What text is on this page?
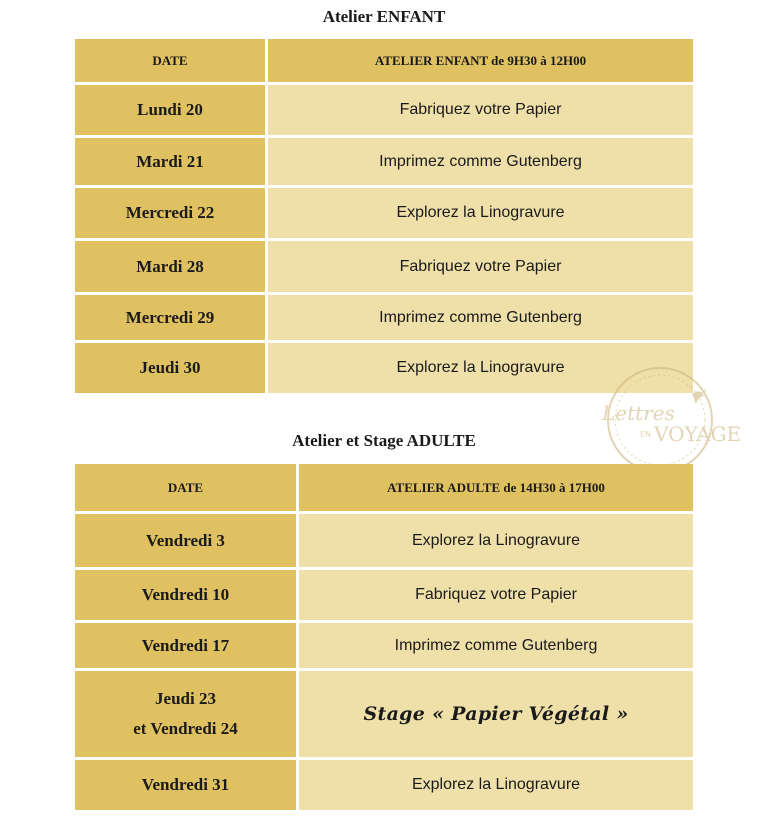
Atelier ENFANT
DATE	ATELIER ENFANT de 9H30 à 12H00
Lundi 20	Fabriquez votre Papier
Mardi 21	Imprimez comme Gutenberg
Mercredi 22	Explorez la Linogravure
Mardi 28	Fabriquez votre Papier
Mercredi 29	Imprimez comme Gutenberg
Jeudi 30	Explorez la Linogravure
Lettres
EN VOYAGE
Atelier et Stage ADULTE
DATE	ATELIER ADULTE de 14H30 à 17H00
Vendredi 3	Explorez la Linogravure
Vendredi 10	Fabriquez votre Papier
Vendredi 17	Imprimez comme Gutenberg

Jeudi 23
et Vendredi 24	Stage « Papier Végétal »
Vendredi 31	Explorez la Linogravure
